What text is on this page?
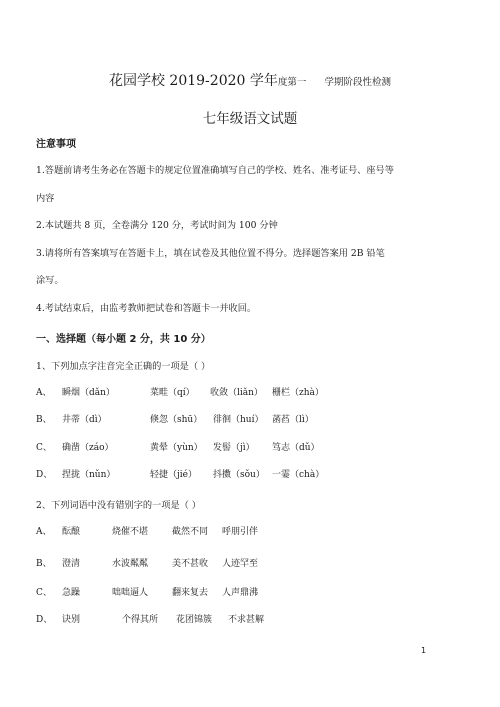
花园学校 2019-2020 学年度第一 学期阶段性检测
七年级语文试题
注意事项
1.答题前请考生务必在答题卡的规定位置准确填写自己的学校、姓名、准考证号、座号等
内容
2.本试题共 8 页，全卷满分 120 分，考试时间为 100 分钟
3.请将所有答案填写在答题卡上，填在试卷及其他位置不得分。选择题答案用 2B 铅笔
涂写。
4.考试结束后，由监考教师把试卷和答题卡一并收回。
一、选择题（每小题 2 分，共 10 分）
1、下列加点字注音完全正确的一项是（ ）
A、 瞬烟（dǎn）	菜畦（qí） 收敛（liǎn） 栅栏（zhà）
B、 井蒂（dì）	倏忽（shū） 徘徊（huí） 菡萏（lì）
C、 确凿（záo）	黄晕（yùn） 发髻（jì） 笃志（dǔ）
D、 捏拢（nǔn）	轻捷（jié） 抖擞（sǒu） 一霎（chà）
2、下列词语中没有错别字的一项是（ ）
A、 酝酿	烧催不堪	截然不同 呼朋引伴
B、 澄清	水波粼粼	美不甚收 人迹罕至
C、 急躁	咄咄逼人	翻来复去 人声鼎沸
D、 诀别	个得其所 花团锦簇 不求甚解
1
